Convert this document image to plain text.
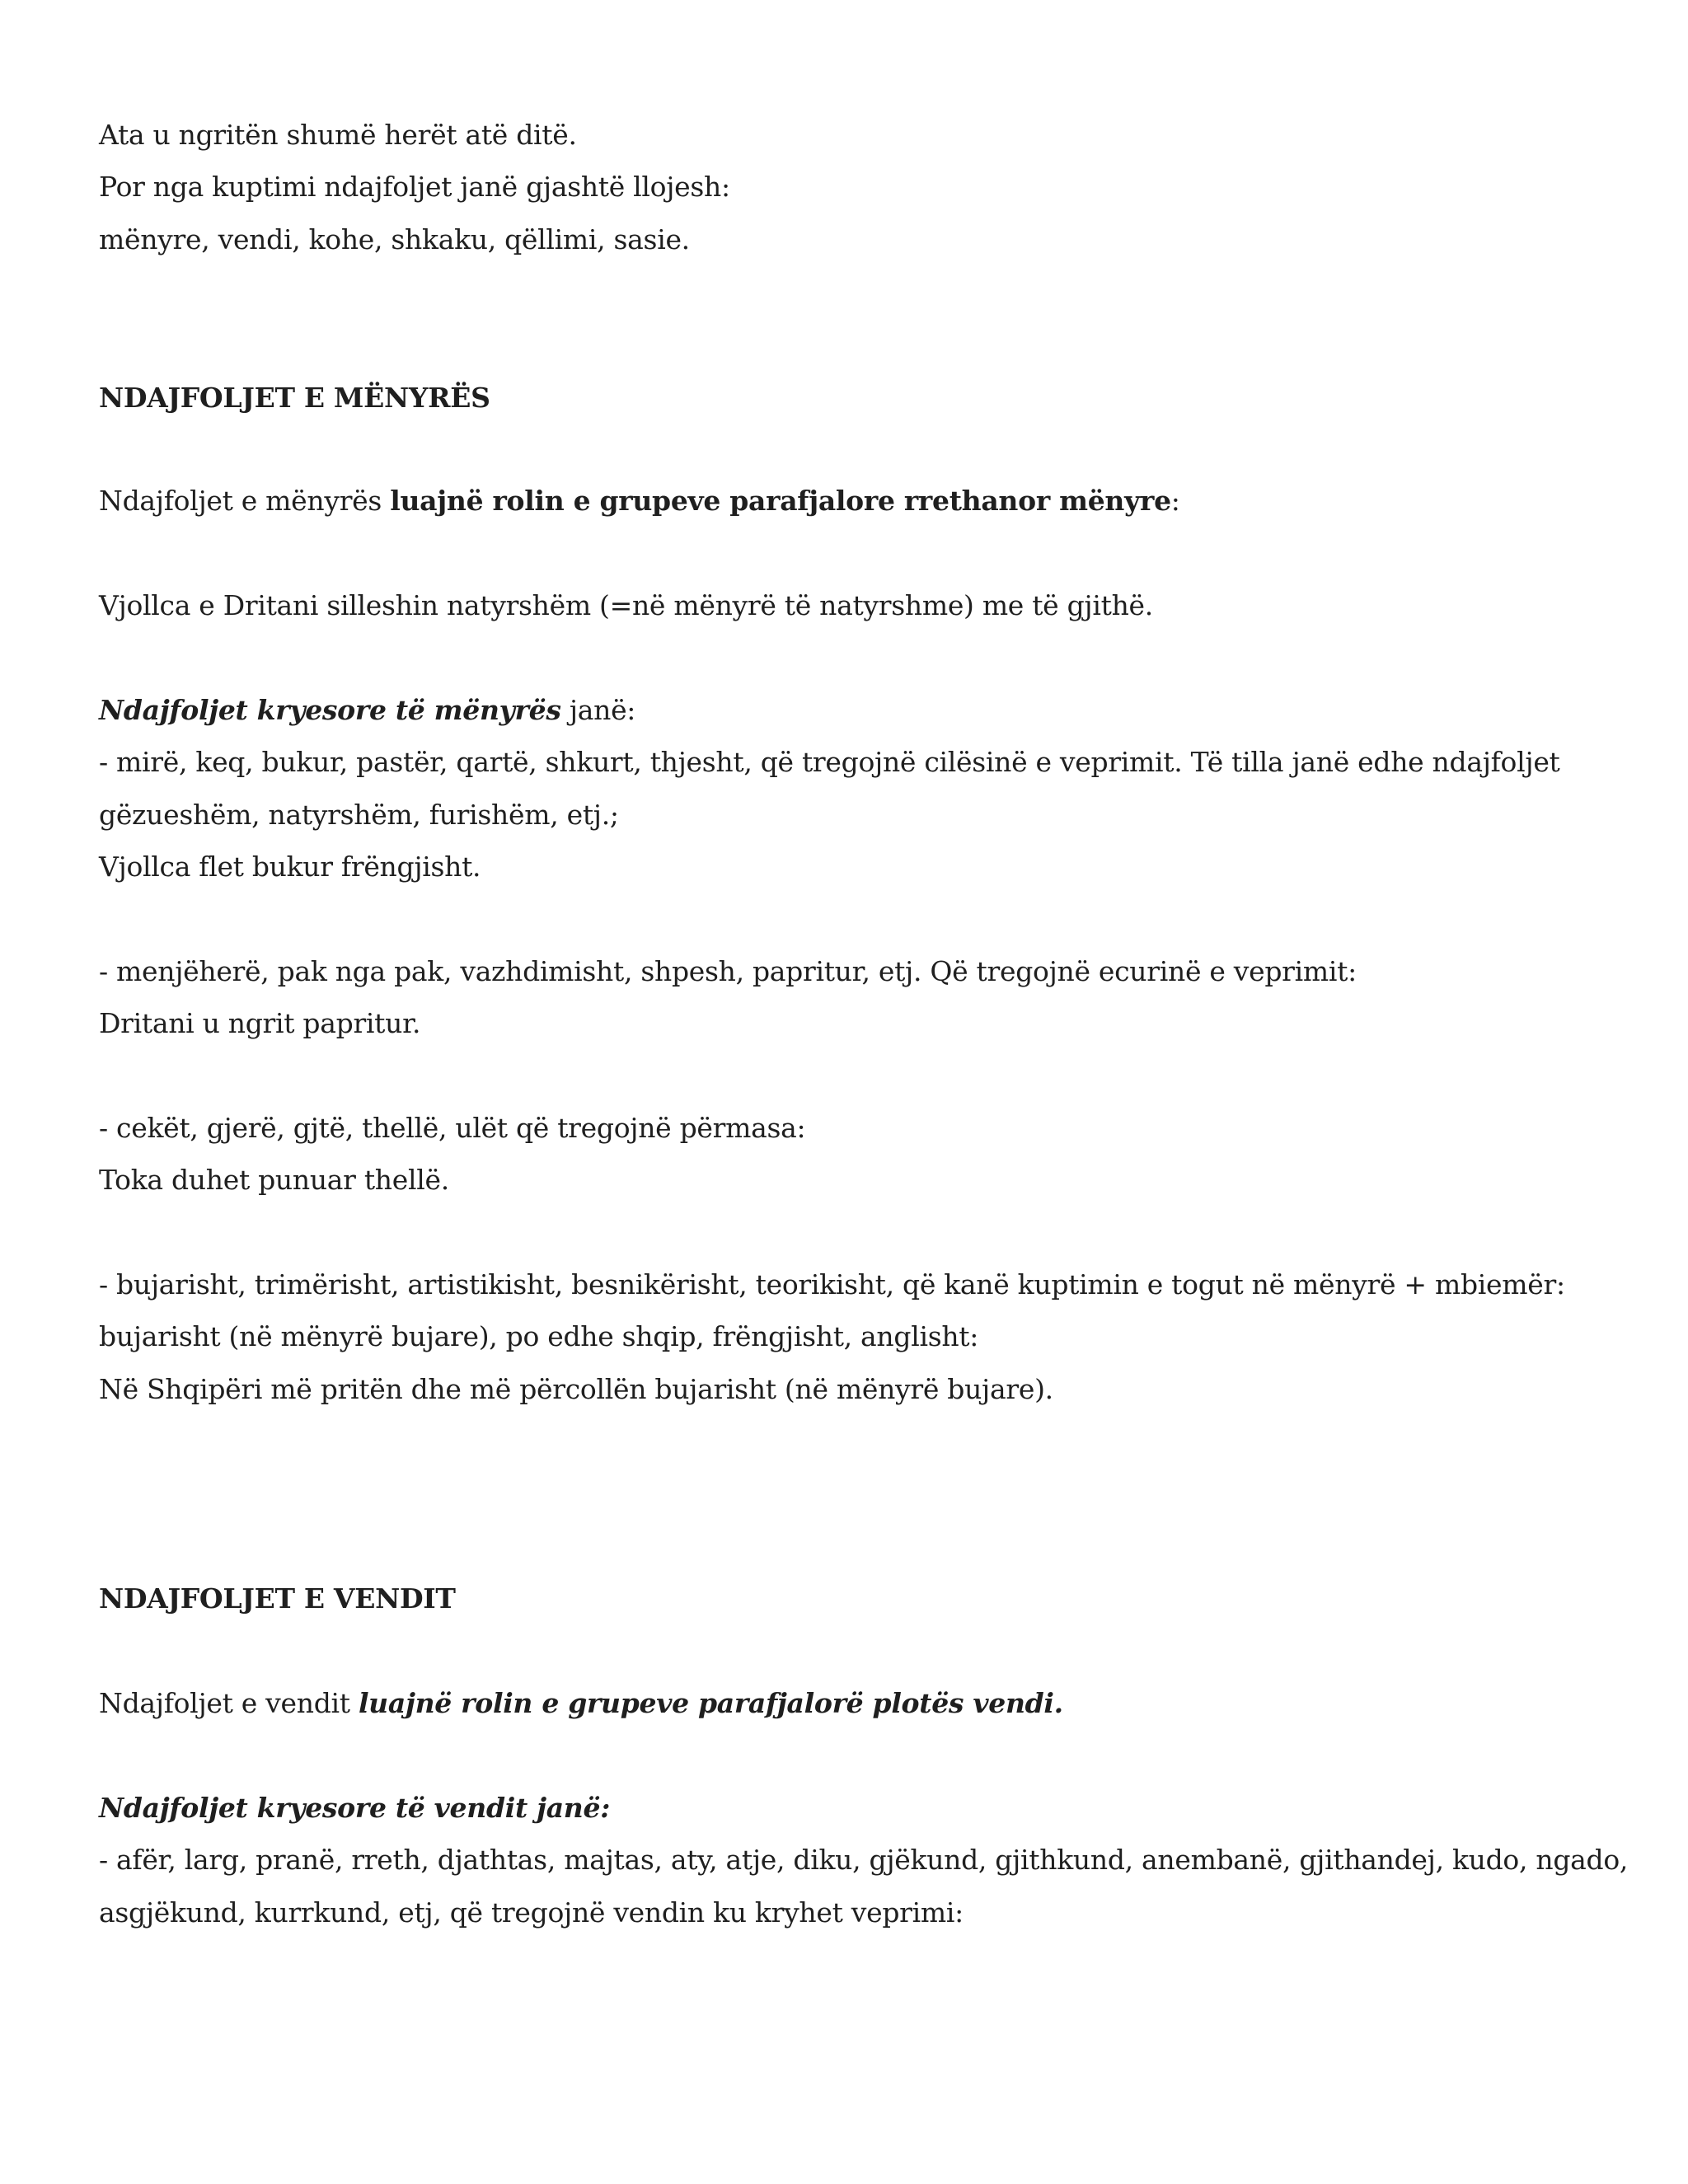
Ata u ngritën shumë herët atë ditë.

Por nga kuptimi ndajfoljet janë gjashtë llojesh:

mënyre, vendi, kohe, shkaku, qëllimi, sasie.

NDAJFOLJET E MËNYRËS

Ndajfoljet e mënyrës luajnë rolin e grupeve parafjalore rrethanor mënyre:

Vjollca e Dritani silleshin natyrshëm (=në mënyrë të natyrshme) me të gjithë.

Ndajfoljet kryesore të mënyrës janë:

- mirë, keq, bukur, pastër, qartë, shkurt, thjesht, që tregojnë cilësinë e veprimit. Të tilla janë edhe ndajfoljet

gëzueshëm, natyrshëm, furishëm, etj.;

Vjollca flet bukur frëngjisht.

- menjëherë, pak nga pak, vazhdimisht, shpesh, papritur, etj. Që tregojnë ecurinë e veprimit:

Dritani u ngrit papritur.

- cekët, gjerë, gjtë, thellë, ulët që tregojnë përmasa:

Toka duhet punuar thellë.

- bujarisht, trimërisht, artistikisht, besnikërisht, teorikisht, që kanë kuptimin e togut në mënyrë + mbiemër:

bujarisht (në mënyrë bujare), po edhe shqip, frëngjisht, anglisht:

Në Shqipëri më pritën dhe më përcollën bujarisht (në mënyrë bujare).

NDAJFOLJET E VENDIT

Ndajfoljet e vendit luajnë rolin e grupeve parafjalorë plotës vendi.

Ndajfoljet kryesore të vendit janë:

- afër, larg, pranë, rreth, djathtas, majtas, aty, atje, diku, gjëkund, gjithkund, anembanë, gjithandej, kudo, ngado,

asgjëkund, kurrkund, etj, që tregojnë vendin ku kryhet veprimi:
